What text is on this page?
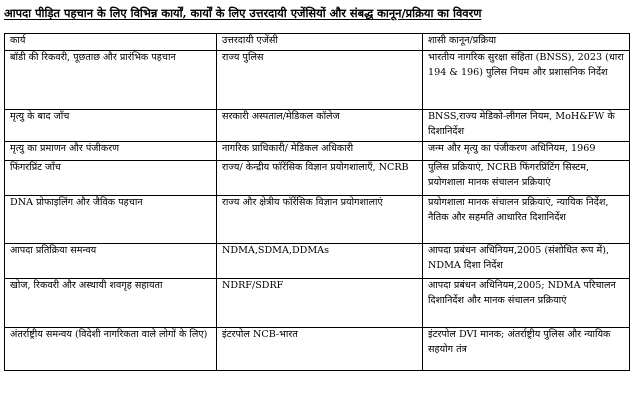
आपदा पीड़ित पहचान के लिए विभिन्न कार्यों, कार्यों के लिए उत्तरदायी एजेंसियों और संबद्ध कानून/प्रक्रिया का विवरण
कार्य	उत्तरदायी एजेंसी	शासी कानून/प्रक्रिया
बॉडी की रिकवरी, पूछताछ और प्रारंभिक पहचान	राज्य पुलिस	भारतीय नागरिक सुरक्षा संहिता (BNSS), 2023 (धारा 194 & 196) पुलिस नियम और प्रशासनिक निर्देश
मृत्यु के बाद जाँच	सरकारी अस्पताल/मेडिकल कॉलेज	BNSS,राज्य मेडिको-लीगल नियम, MoH&FW के दिशानिर्देश
मृत्यु का प्रमाणन और पंजीकरण	नागरिक प्राधिकारी/ मेडिकल अधिकारी	जन्म और मृत्यु का पंजीकरण अधिनियम, 1969
फिंगरप्रिंट जाँच	राज्य/ केन्द्रीय फॉरेंसिक विज्ञान प्रयोगशालाएँ, NCRB	पुलिस प्रक्रियाएं, NCRB फिंगरप्रिंटिंग सिस्टम, प्रयोगशाला मानक संचालन प्रक्रियाएं
DNA प्रोफाइलिंग और जैविक पहचान	राज्य और क्षेत्रीय फॉरेंसिक विज्ञान प्रयोगशालाएं	प्रयोगशाला मानक संचालन प्रक्रियाएं, न्यायिक निर्देश, नैतिक और सहमति आधारित दिशानिर्देश
आपदा प्रतिक्रिया समन्वय	NDMA,SDMA,DDMAs	आपदा प्रबंधन अधिनियम,2005 (संशोधित रूप में), NDMA दिशा निर्देश
खोज, रिकवरी और अस्थायी शवगृह सहायता	NDRF/SDRF	आपदा प्रबंधन अधिनियम,2005; NDMA परिचालन दिशानिर्देश और मानक संचालन प्रक्रियाएं
अंतर्राष्ट्रीय समन्वय (विदेशी नागरिकता वाले लोगों के लिए)	इंटरपोल NCB-भारत	इंटरपोल DVI मानक; अंतर्राष्ट्रीय पुलिस और न्यायिक सहयोग तंत्र
